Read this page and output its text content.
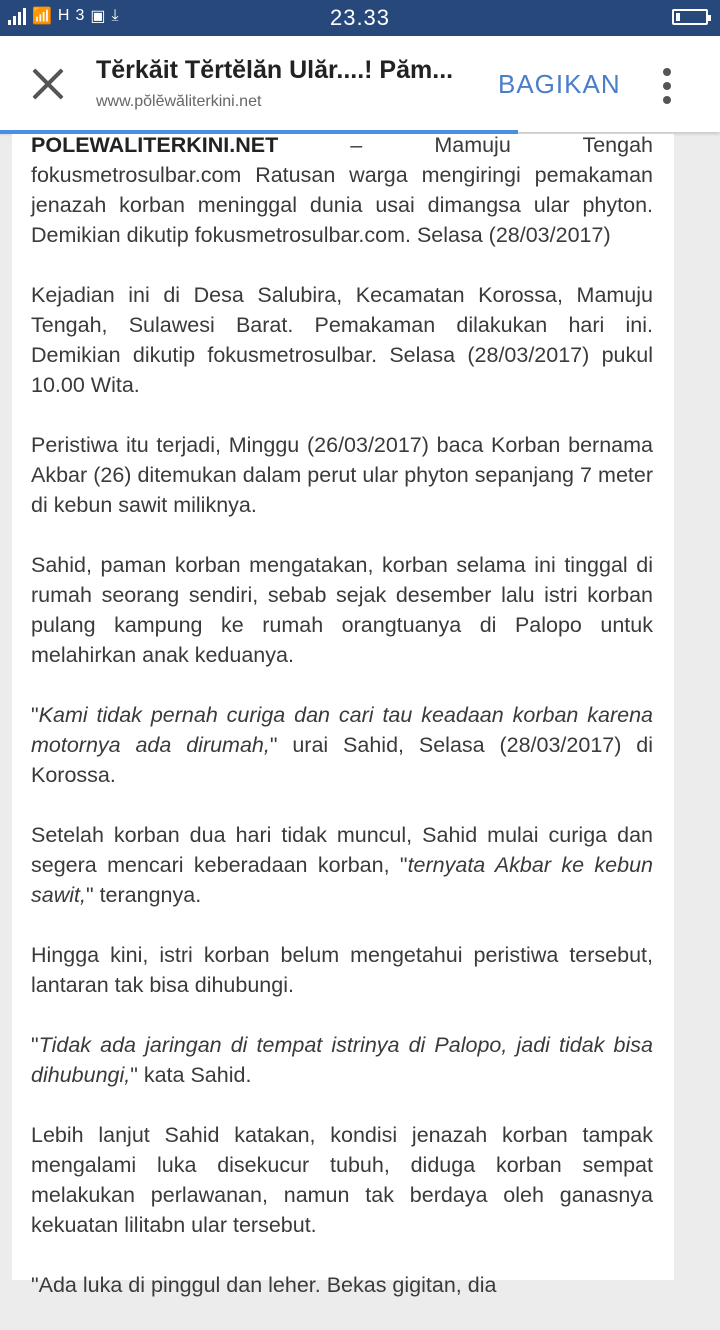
📶 H 3 ▣ ⤓	23.33
Tĕrkăit Tĕrtĕlăn Ulăr....! Păm...
www.pŏlĕwăliterkini.net
BAGIKAN

POLEWALITERKINI.NET – Mamuju Tengah fokusmetrosulbar.com Ratusan warga mengiringi pemakaman jenazah korban meninggal dunia usai dimangsa ular phyton. Demikian dikutip fokusmetrosulbar.com. Selasa (28/03/2017)

Kejadian ini di Desa Salubira, Kecamatan Korossa, Mamuju Tengah, Sulawesi Barat. Pemakaman dilakukan hari ini. Demikian dikutip fokusmetrosulbar. Selasa (28/03/2017) pukul 10.00 Wita.

Peristiwa itu terjadi, Minggu (26/03/2017) baca Korban bernama Akbar (26) ditemukan dalam perut ular phyton sepanjang 7 meter di kebun sawit miliknya.

Sahid, paman korban mengatakan, korban selama ini tinggal di rumah seorang sendiri, sebab sejak desember lalu istri korban pulang kampung ke rumah orangtuanya di Palopo untuk melahirkan anak keduanya.

"Kami tidak pernah curiga dan cari tau keadaan korban karena motornya ada dirumah," urai Sahid, Selasa (28/03/2017) di Korossa.

Setelah korban dua hari tidak muncul, Sahid mulai curiga dan segera mencari keberadaan korban, "ternyata Akbar ke kebun sawit," terangnya.

Hingga kini, istri korban belum mengetahui peristiwa tersebut, lantaran tak bisa dihubungi.

"Tidak ada jaringan di tempat istrinya di Palopo, jadi tidak bisa dihubungi," kata Sahid.

Lebih lanjut Sahid katakan, kondisi jenazah korban tampak mengalami luka disekucur tubuh, diduga korban sempat melakukan perlawanan, namun tak berdaya oleh ganasnya kekuatan lilitabn ular tersebut.

"Ada luka di pinggul dan leher. Bekas gigitan, dia
